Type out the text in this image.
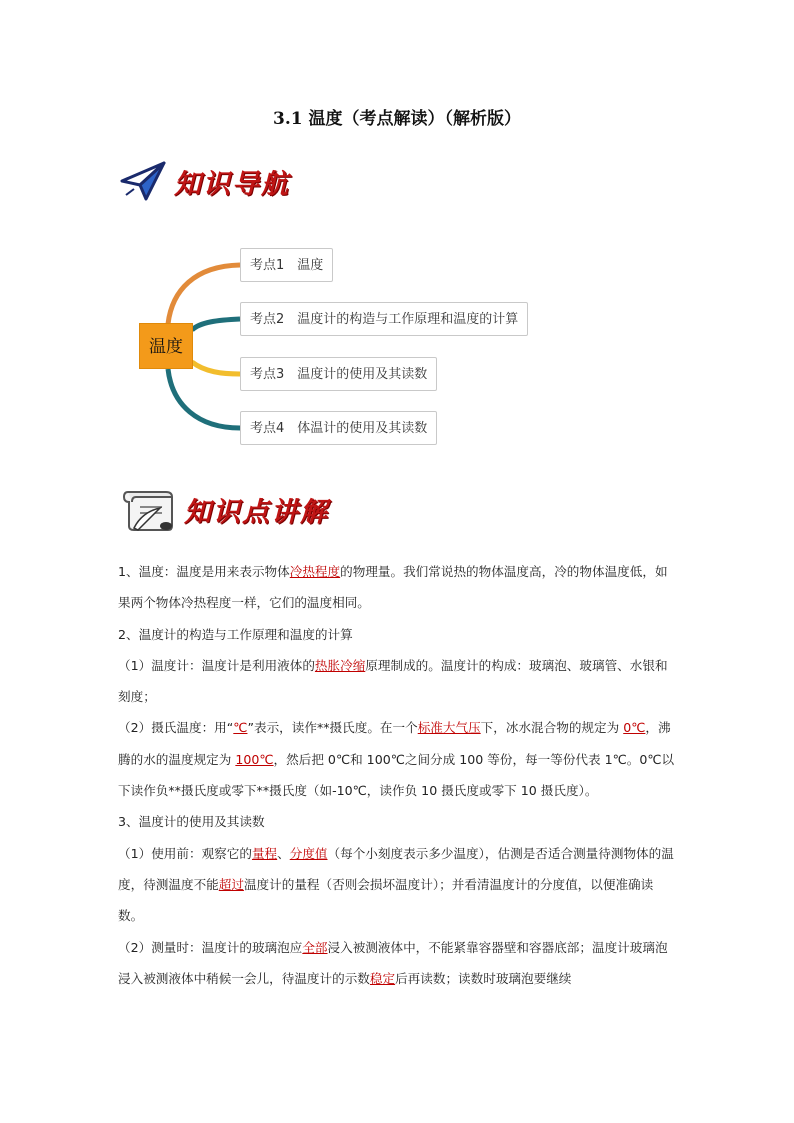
3.1 温度（考点解读）（解析版）
知识导航
温度
考点1　温度
考点2　温度计的构造与工作原理和温度的计算
考点3　温度计的使用及其读数
考点4　体温计的使用及其读数
知识点讲解

1、温度：温度是用来表示物体冷热程度的物理量。我们常说热的物体温度高，冷的物体温度低，如果两个物体冷热程度一样，它们的温度相同。

2、温度计的构造与工作原理和温度的计算

（1）温度计：温度计是利用液体的热胀冷缩原理制成的。温度计的构成：玻璃泡、玻璃管、水银和刻度；

（2）摄氏温度：用“℃”表示，读作**摄氏度。在一个标准大气压下，冰水混合物的规定为 0℃，沸腾的水的温度规定为 100℃，然后把 0℃和 100℃之间分成 100 等份，每一等份代表 1℃。0℃以下读作负**摄氏度或零下**摄氏度（如-10℃，读作负 10 摄氏度或零下 10 摄氏度）。

3、温度计的使用及其读数

（1）使用前：观察它的量程、分度值（每个小刻度表示多少温度），估测是否适合测量待测物体的温度，待测温度不能超过温度计的量程（否则会损坏温度计）；并看清温度计的分度值，以便准确读数。

（2）测量时：温度计的玻璃泡应全部浸入被测液体中，不能紧靠容器壁和容器底部；温度计玻璃泡浸入被测液体中稍候一会儿，待温度计的示数稳定后再读数；读数时玻璃泡要继续
